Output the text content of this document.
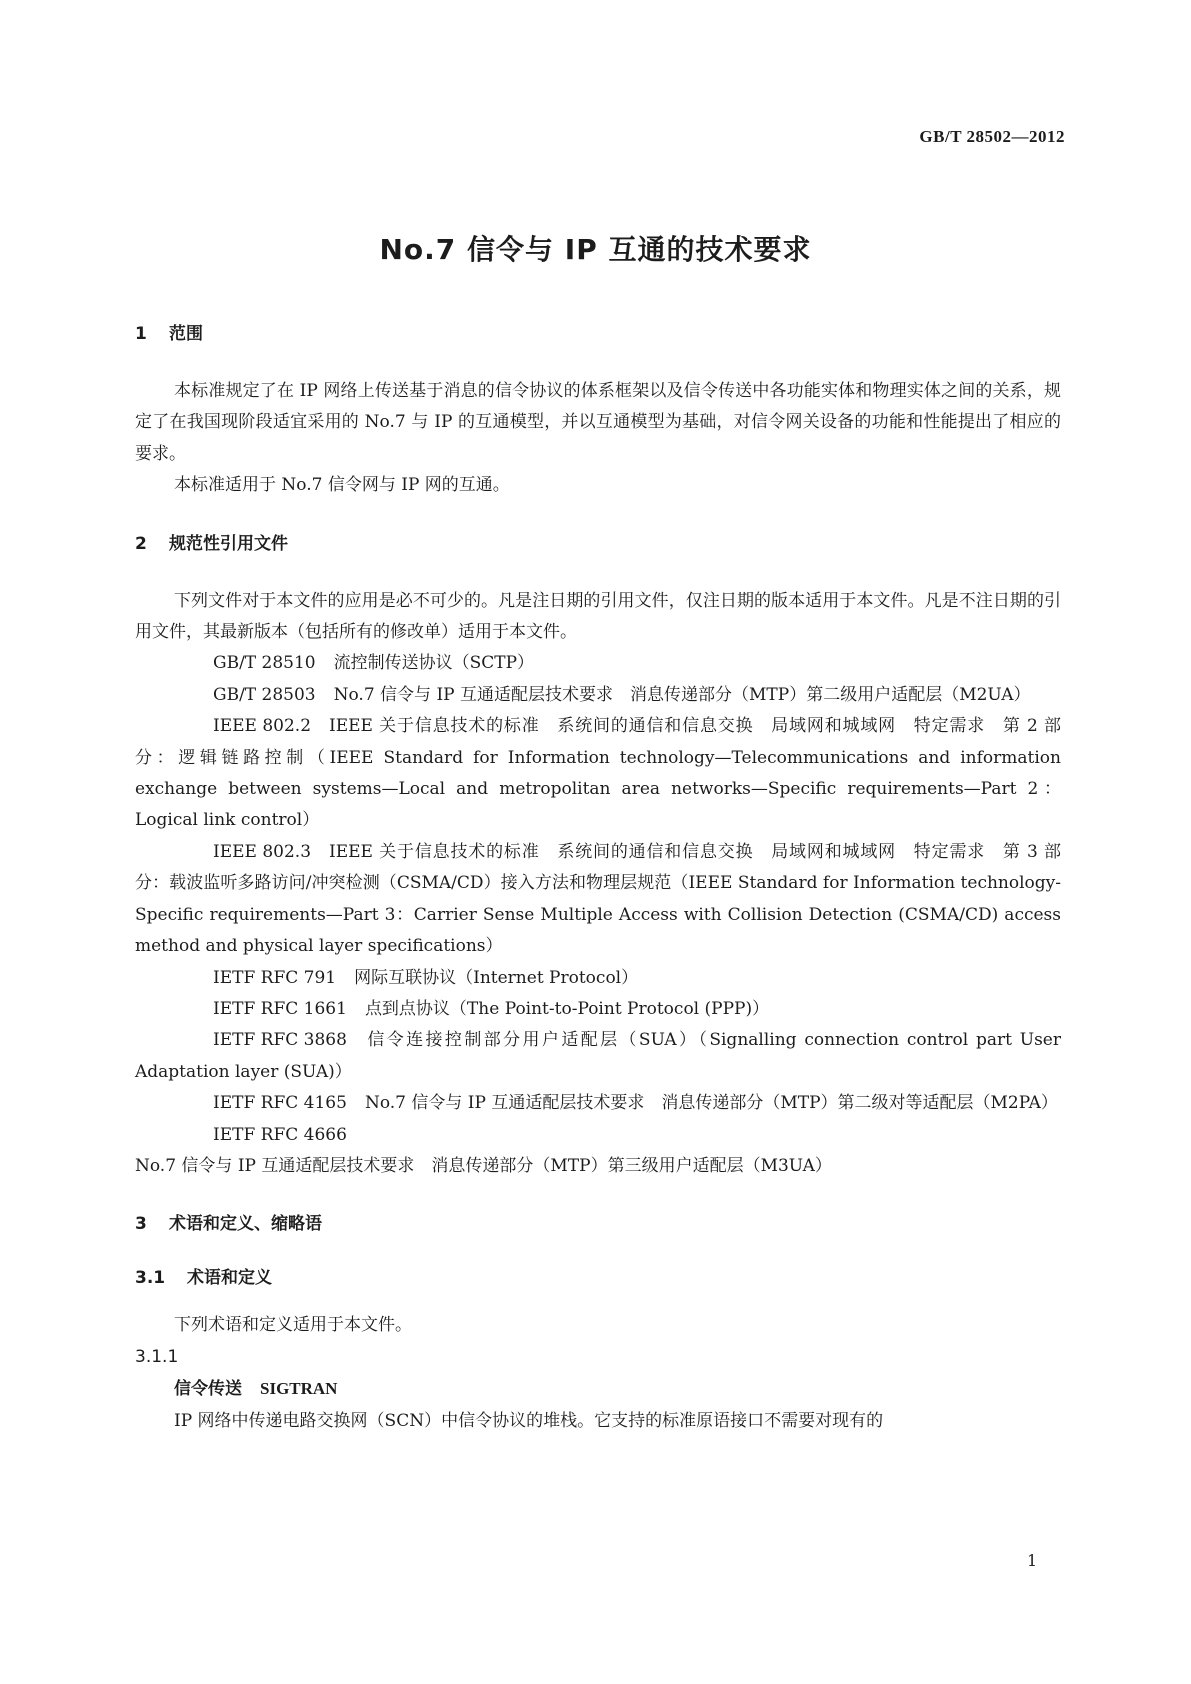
GB/T 28502—2012
No.7 信令与 IP 互通的技术要求
1 范围

本标准规定了在 IP 网络上传送基于消息的信令协议的体系框架以及信令传送中各功能实体和物理实体之间的关系，规定了在我国现阶段适宜采用的 No.7 与 IP 的互通模型，并以互通模型为基础，对信令网关设备的功能和性能提出了相应的要求。

本标准适用于 No.7 信令网与 IP 网的互通。

2 规范性引用文件

下列文件对于本文件的应用是必不可少的。凡是注日期的引用文件，仅注日期的版本适用于本文件。凡是不注日期的引用文件，其最新版本（包括所有的修改单）适用于本文件。

GB/T 28510 流控制传送协议（SCTP）

GB/T 28503 No.7 信令与 IP 互通适配层技术要求　消息传递部分（MTP）第二级用户适配层（M2UA）

IEEE 802.2 IEEE 关于信息技术的标准　系统间的通信和信息交换　局域网和城域网　特定需求　第 2 部分：逻辑链路控制（IEEE Standard for Information technology—Telecommunications and information exchange between systems—Local and metropolitan area networks—Specific requirements—Part 2：Logical link control）

IEEE 802.3 IEEE 关于信息技术的标准　系统间的通信和信息交换　局域网和城域网　特定需求　第 3 部分：载波监听多路访问/冲突检测（CSMA/CD）接入方法和物理层规范（IEEE Standard for Information technology-Specific requirements—Part 3：Carrier Sense Multiple Access with Collision Detection (CSMA/CD) access method and physical layer specifications）

IETF RFC 791 网际互联协议（Internet Protocol）

IETF RFC 1661 点到点协议（The Point-to-Point Protocol (PPP)）

IETF RFC 3868 信令连接控制部分用户适配层（SUA）（Signalling connection control part User Adaptation layer (SUA)）

IETF RFC 4165 No.7 信令与 IP 互通适配层技术要求　消息传递部分（MTP）第二级对等适配层（M2PA）

IETF RFC 4666No.7 信令与 IP 互通适配层技术要求　消息传递部分（MTP）第三级用户适配层（M3UA）

3 术语和定义、缩略语
3.1 术语和定义

下列术语和定义适用于本文件。

3.1.1
信令传送 SIGTRAN

IP 网络中传递电路交换网（SCN）中信令协议的堆栈。它支持的标准原语接口不需要对现有的

1
